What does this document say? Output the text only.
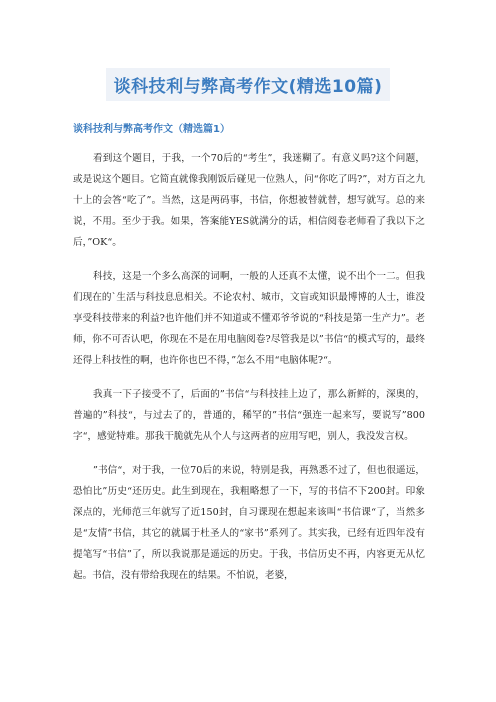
谈科技利与弊高考作文(精选10篇)
谈科技利与弊高考作文（精选篇1）

看到这个题目，于我，一个70后的“考生”，我迷糊了。有意义吗?这个问题，或是说这个题目。它简直就像我刚饭后碰见一位熟人，问“你吃了吗?”，对方百之九十上的会答“吃了”。当然，这是两码事，书信，你想被替就替，想写就写。总的来说，不用。至少于我。如果，答案能YES就满分的话，相信阅卷老师看了我以下之后，”OK“。

科技，这是一个多么高深的词啊，一般的人还真不太懂，说不出个一二。但我们现在的`生活与科技息息相关。不论农村、城市，文盲或知识最博博的人士，谁没享受科技带来的利益?也许他们并不知道或不懂邓爷爷说的“科技是第一生产力”。老师，你不可否认吧，你现在不是在用电脑阅卷?尽管我是以”书信“的模式写的，最终还得上科技性的啊，也许你也巴不得，”怎么不用“电脑体呢?“。

我真一下子接受不了，后面的”书信“与科技挂上边了，那么新鲜的，深奥的，普遍的”科技“，与过去了的，普通的，稀罕的”书信“强连一起来写，要说写”800字“，感觉特难。那我干脆就先从个人与这两者的应用写吧，别人，我没发言权。

”书信“，对于我，一位70后的来说，特别是我，再熟悉不过了，但也很遥远，恐怕比”历史“还历史。此生到现在，我粗略想了一下，写的书信不下200封。印象深点的，光师范三年就写了近150封，自习课现在想起来该叫“书信课“了，当然多是“友情”书信，其它的就属于杜圣人的“家书”系列了。其实我，已经有近四年没有提笔写“书信”了，所以我说那是遥远的历史。于我，书信历史不再，内容更无从忆起。书信，没有带给我现在的结果。不怕说，老婆，
